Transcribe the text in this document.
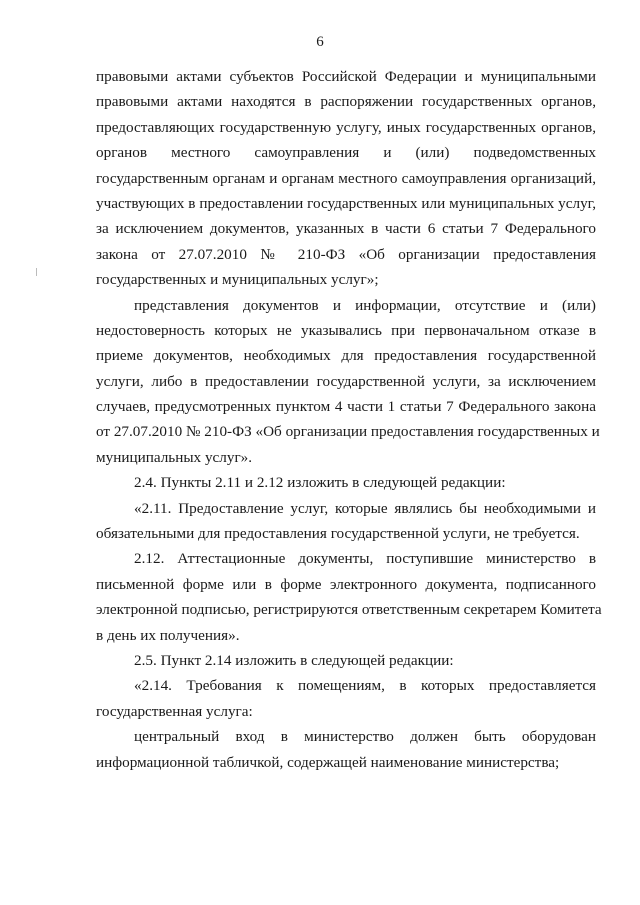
6

правовыми актами субъектов Российской Федерации и муниципальными
правовыми актами находятся в распоряжении государственных органов,
предоставляющих государственную услугу, иных государственных органов,
органов местного самоуправления и (или) подведомственных
государственным органам и органам местного самоуправления организаций,
участвующих в предоставлении государственных или муниципальных услуг,
за исключением документов, указанных в части 6 статьи 7 Федерального
закона от 27.07.2010 № 210-ФЗ «Об организации предоставления
государственных и муниципальных услуг»;

представления документов и информации, отсутствие и (или)
недостоверность которых не указывались при первоначальном отказе в
приеме документов, необходимых для предоставления государственной
услуги, либо в предоставлении государственной услуги, за исключением
случаев, предусмотренных пунктом 4 части 1 статьи 7 Федерального закона
от 27.07.2010 № 210-ФЗ «Об организации предоставления государственных и
муниципальных услуг».

2.4. Пункты 2.11 и 2.12 изложить в следующей редакции:

«2.11. Предоставление услуг, которые являлись бы необходимыми и
обязательными для предоставления государственной услуги, не требуется.

2.12. Аттестационные документы, поступившие министерство в
письменной форме или в форме электронного документа, подписанного
электронной подписью, регистрируются ответственным секретарем Комитета
в день их получения».

2.5. Пункт 2.14 изложить в следующей редакции:

«2.14. Требования к помещениям, в которых предоставляется
государственная услуга:

центральный вход в министерство должен быть оборудован
информационной табличкой, содержащей наименование министерства;
